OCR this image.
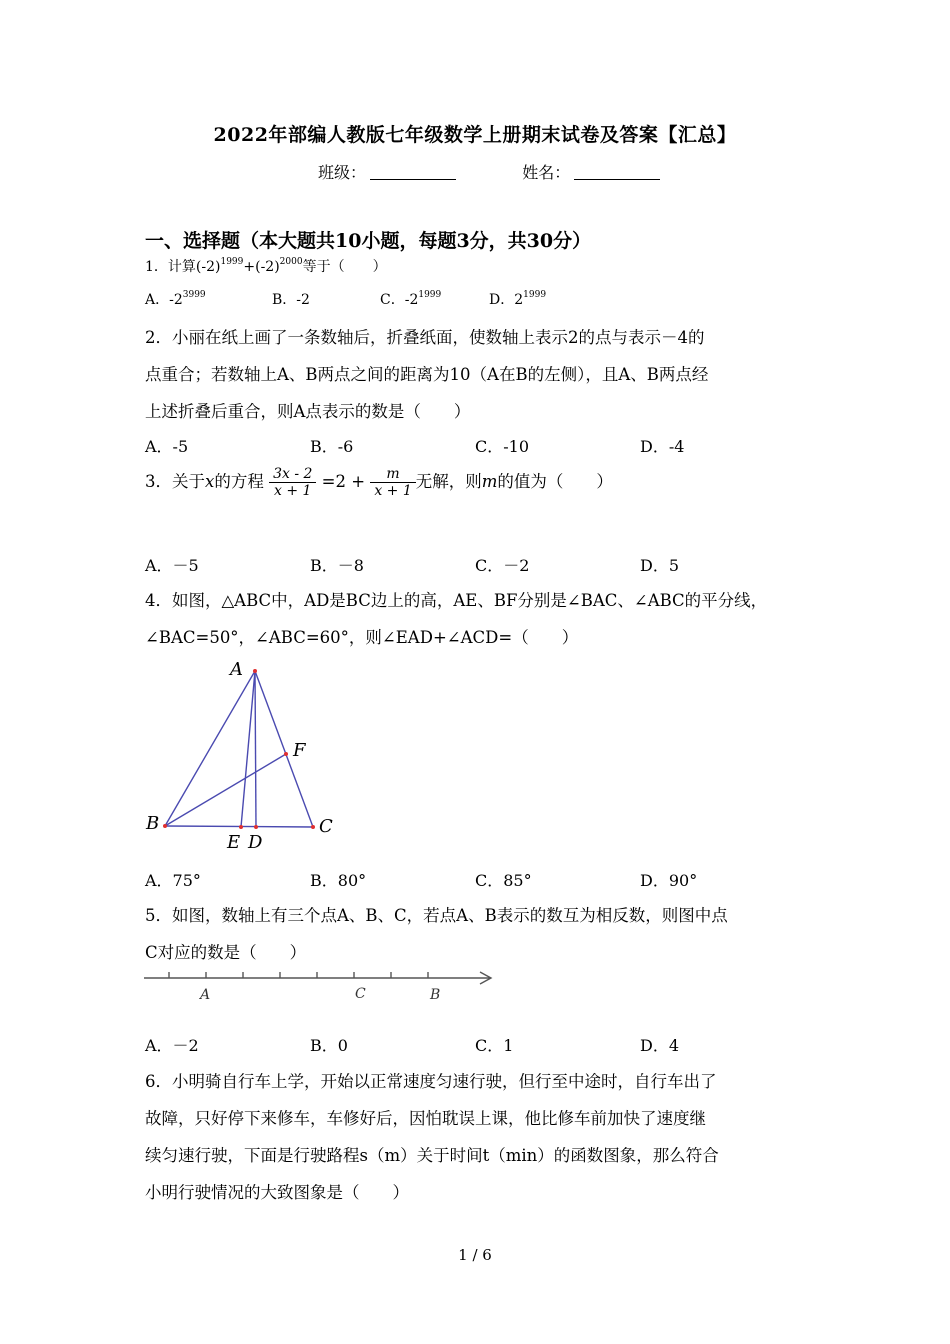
2022年部编人教版七年级数学上册期末试卷及答案【汇总】
班级：	姓名：
一、选择题（本大题共10小题，每题3分，共30分）
1．计算$(-2)^{1999}+(-2)^{2000}$等于（　　）
A．$-2^{3999}$	B．-2	C．$-2^{1999}$	D．$2^{1999}$
2．小丽在纸上画了一条数轴后，折叠纸面，使数轴上表示2的点与表示－4的
点重合；若数轴上A、B两点之间的距离为10（A在B的左侧），且A、B两点经
上述折叠后重合，则A点表示的数是（　　）
A．-5	B．-6	C．-10	D．-4
3．关于x的方程 $\frac{3x - 2}{x + 1} =2 + \frac{m}{x + 1}$ 无解，则m的值为（　　）
A．－5	B．－8	C．－2	D．5
4．如图，△ABC中，AD是BC边上的高，AE、BF分别是∠BAC、∠ABC的平分线，
∠BAC=50°，∠ABC=60°，则∠EAD+∠ACD=（　　）
A
B	C
E D
F
A．75°	B．80°	C．85°	D．90°
5．如图，数轴上有三个点A、B、C，若点A、B表示的数互为相反数，则图中点
C对应的数是（　　）
A	C	B
A．－2	B．0	C．1	D．4
6．小明骑自行车上学，开始以正常速度匀速行驶，但行至中途时，自行车出了
故障，只好停下来修车，车修好后，因怕耽误上课，他比修车前加快了速度继
续匀速行驶，下面是行驶路程s（m）关于时间t（min）的函数图象，那么符合
小明行驶情况的大致图象是（　　）
1 / 6
